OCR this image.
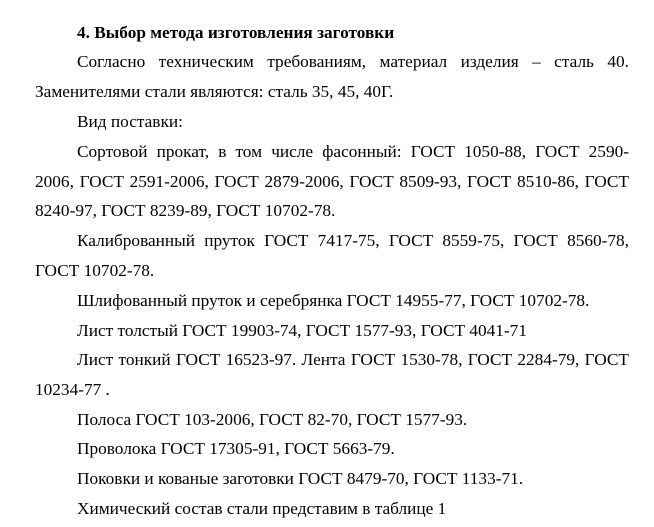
4. Выбор метода изготовления заготовки
Согласно техническим требованиям, материал изделия – сталь 40.
Заменителями стали являются: сталь 35, 45, 40Г.
Вид поставки:
Сортовой прокат, в том числе фасонный: ГОСТ 1050-88, ГОСТ 2590-
2006, ГОСТ 2591-2006, ГОСТ 2879-2006, ГОСТ 8509-93, ГОСТ 8510-86, ГОСТ
8240-97, ГОСТ 8239-89, ГОСТ 10702-78.
Калиброванный пруток ГОСТ 7417-75, ГОСТ 8559-75, ГОСТ 8560-78,
ГОСТ 10702-78.
Шлифованный пруток и серебрянка ГОСТ 14955-77, ГОСТ 10702-78.
Лист толстый ГОСТ 19903-74, ГОСТ 1577-93, ГОСТ 4041-71
Лист тонкий ГОСТ 16523-97. Лента ГОСТ 1530-78, ГОСТ 2284-79, ГОСТ
10234-77 .
Полоса ГОСТ 103-2006, ГОСТ 82-70, ГОСТ 1577-93.
Проволока ГОСТ 17305-91, ГОСТ 5663-79.
Поковки и кованые заготовки ГОСТ 8479-70, ГОСТ 1133-71.
Химический состав стали представим в таблице 1
